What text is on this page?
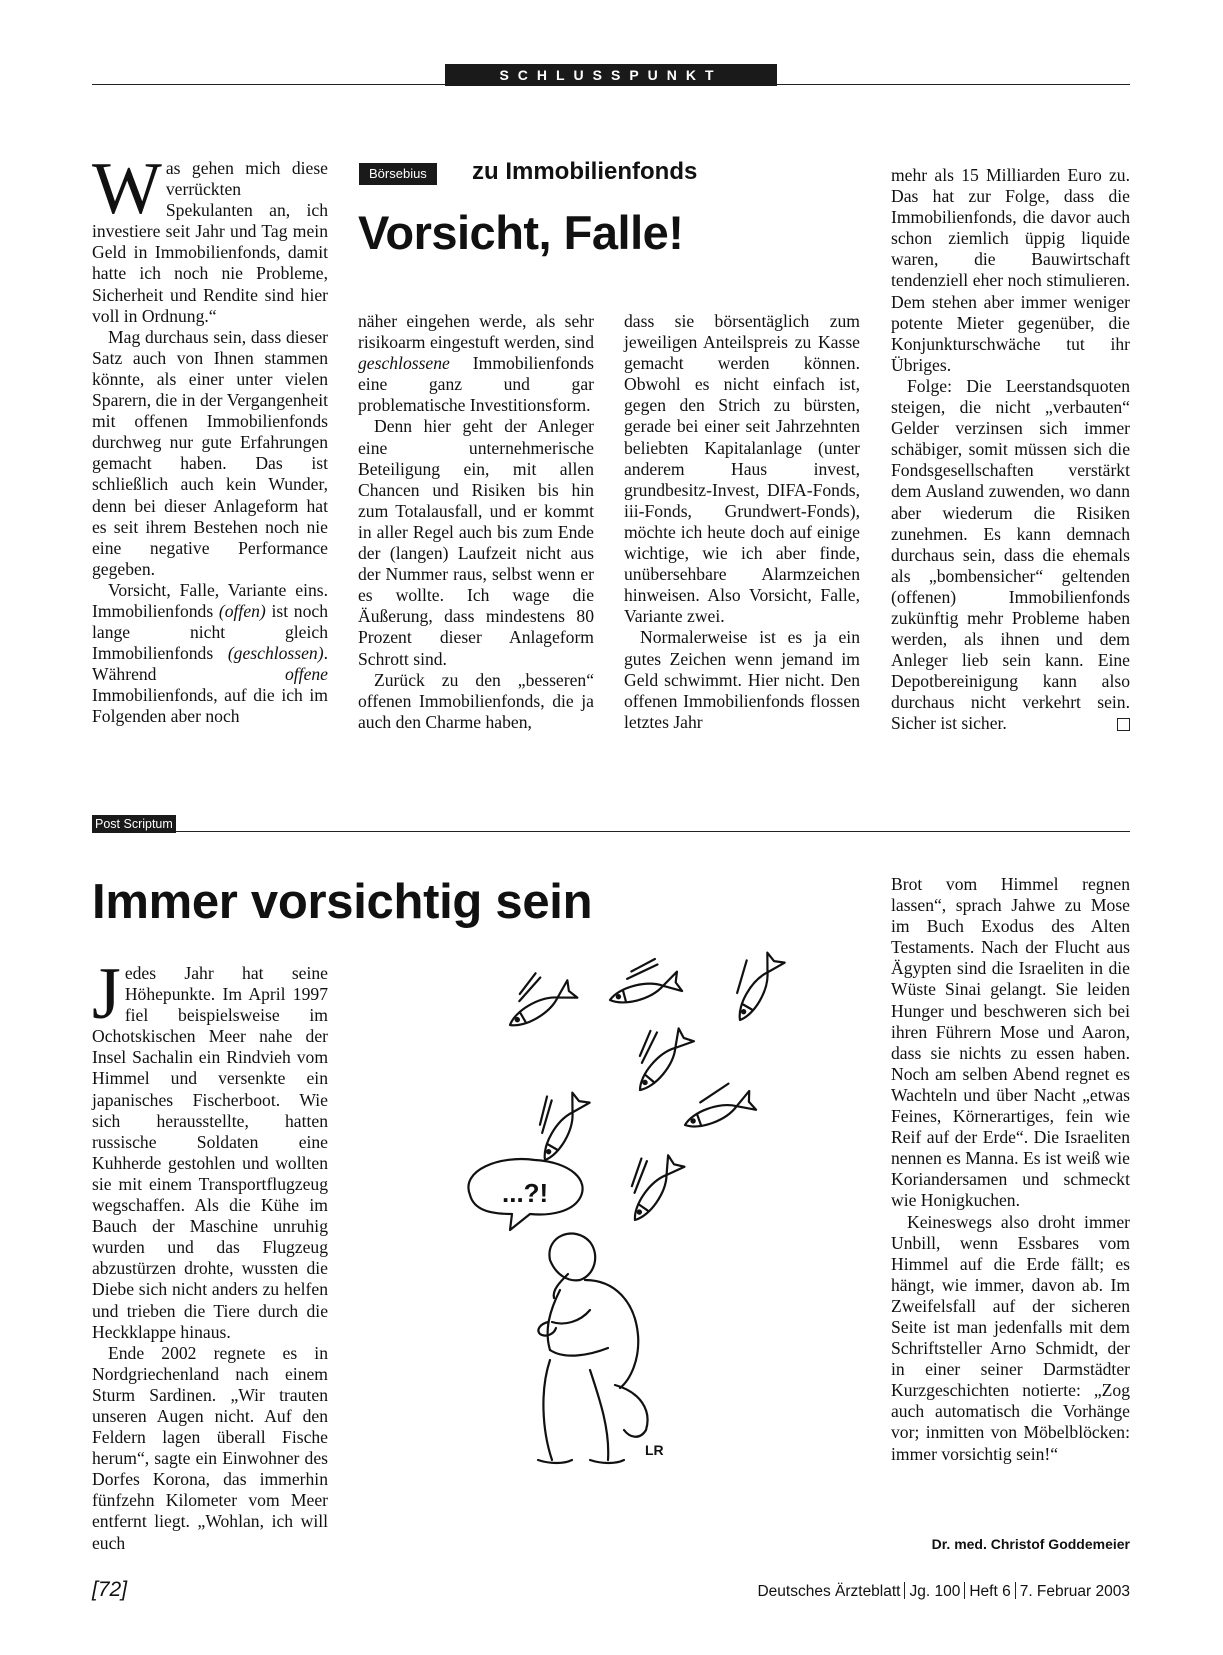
SCHLUSSPUNKT
Börsebius	zu Immobilienfonds
Vorsicht, Falle!
W as gehen mich diese verrückten Spekulanten an, ich investiere seit Jahr und Tag mein Geld in Immobilienfonds, damit hatte ich noch nie Probleme, Sicherheit und Rendite sind hier voll in Ordnung.“

Mag durchaus sein, dass dieser Satz auch von Ihnen stammen könnte, als einer unter vielen Sparern, die in der Vergangenheit mit offenen Immobilienfonds durchweg nur gute Erfahrungen gemacht haben. Das ist schließlich auch kein Wunder, denn bei dieser Anlageform hat es seit ihrem Bestehen noch nie eine negative Performance gegeben.

Vorsicht, Falle, Variante eins. Immobilienfonds (offen) ist noch lange nicht gleich Immobilienfonds (geschlossen). Während offene Immobilienfonds, auf die ich im Folgenden aber noch

näher eingehen werde, als sehr risikoarm eingestuft werden, sind geschlossene Immobilienfonds eine ganz und gar problematische Investitionsform.

Denn hier geht der Anleger eine unternehmerische Beteiligung ein, mit allen Chancen und Risiken bis hin zum Totalausfall, und er kommt in aller Regel auch bis zum Ende der (langen) Laufzeit nicht aus der Nummer raus, selbst wenn er es wollte. Ich wage die Äußerung, dass mindestens 80 Prozent dieser Anlageform Schrott sind.

Zurück zu den „besseren“ offenen Immobilienfonds, die ja auch den Charme haben,

dass sie börsentäglich zum jeweiligen Anteilspreis zu Kasse gemacht werden können. Obwohl es nicht einfach ist, gegen den Strich zu bürsten, gerade bei einer seit Jahrzehnten beliebten Kapitalanlage (unter anderem Haus invest, grundbesitz-Invest, DIFA-Fonds, iii-Fonds, Grundwert-Fonds), möchte ich heute doch auf einige wichtige, wie ich aber finde, unübersehbare Alarmzeichen hinweisen. Also Vorsicht, Falle, Variante zwei.

Normalerweise ist es ja ein gutes Zeichen wenn jemand im Geld schwimmt. Hier nicht. Den offenen Immobilienfonds flossen letztes Jahr

mehr als 15 Milliarden Euro zu. Das hat zur Folge, dass die Immobilienfonds, die davor auch schon ziemlich üppig liquide waren, die Bauwirtschaft tendenziell eher noch stimulieren. Dem stehen aber immer weniger potente Mieter gegenüber, die Konjunkturschwäche tut ihr Übriges.

Folge: Die Leerstandsquoten steigen, die nicht „verbauten“ Gelder verzinsen sich immer schäbiger, somit müssen sich die Fondsgesellschaften verstärkt dem Ausland zuwenden, wo dann aber wiederum die Risiken zunehmen. Es kann demnach durchaus sein, dass die ehemals als „bombensicher“ geltenden (offenen) Immobilienfonds zukünftig mehr Probleme haben werden, als ihnen und dem Anleger lieb sein kann. Eine Depotbereinigung kann also durchaus nicht verkehrt sein. Sicher ist sicher.

Post Scriptum
Immer vorsichtig sein
J edes Jahr hat seine Höhepunkte. Im April 1997 fiel beispielsweise im Ochotskischen Meer nahe der Insel Sachalin ein Rindvieh vom Himmel und versenkte ein japanisches Fischerboot. Wie sich herausstellte, hatten russische Soldaten eine Kuhherde gestohlen und wollten sie mit einem Transportflugzeug wegschaffen. Als die Kühe im Bauch der Maschine unruhig wurden und das Flugzeug abzustürzen drohte, wussten die Diebe sich nicht anders zu helfen und trieben die Tiere durch die Heckklappe hinaus.

Ende 2002 regnete es in Nordgriechenland nach einem Sturm Sardinen. „Wir trauten unseren Augen nicht. Auf den Feldern lagen überall Fische herum“, sagte ein Einwohner des Dorfes Korona, das immerhin fünfzehn Kilometer vom Meer entfernt liegt. „Wohlan, ich will euch

...?!
LR

Brot vom Himmel regnen lassen“, sprach Jahwe zu Mose im Buch Exodus des Alten Testaments. Nach der Flucht aus Ägypten sind die Israeliten in die Wüste Sinai gelangt. Sie leiden Hunger und beschweren sich bei ihren Führern Mose und Aaron, dass sie nichts zu essen haben. Noch am selben Abend regnet es Wachteln und über Nacht „etwas Feines, Körnerartiges, fein wie Reif auf der Erde“. Die Israeliten nennen es Manna. Es ist weiß wie Koriandersamen und schmeckt wie Honigkuchen.

Keineswegs also droht immer Unbill, wenn Essbares vom Himmel auf die Erde fällt; es hängt, wie immer, davon ab. Im Zweifelsfall auf der sicheren Seite ist man jedenfalls mit dem Schriftsteller Arno Schmidt, der in einer seiner Darmstädter Kurzgeschichten notierte: „Zog auch automatisch die Vorhänge vor; inmitten von Möbelblöcken: immer vorsichtig sein!“

Dr. med. Christof Goddemeier
[72]	Deutsches Ärzteblatt Jg. 100 Heft 6 7. Februar 2003
